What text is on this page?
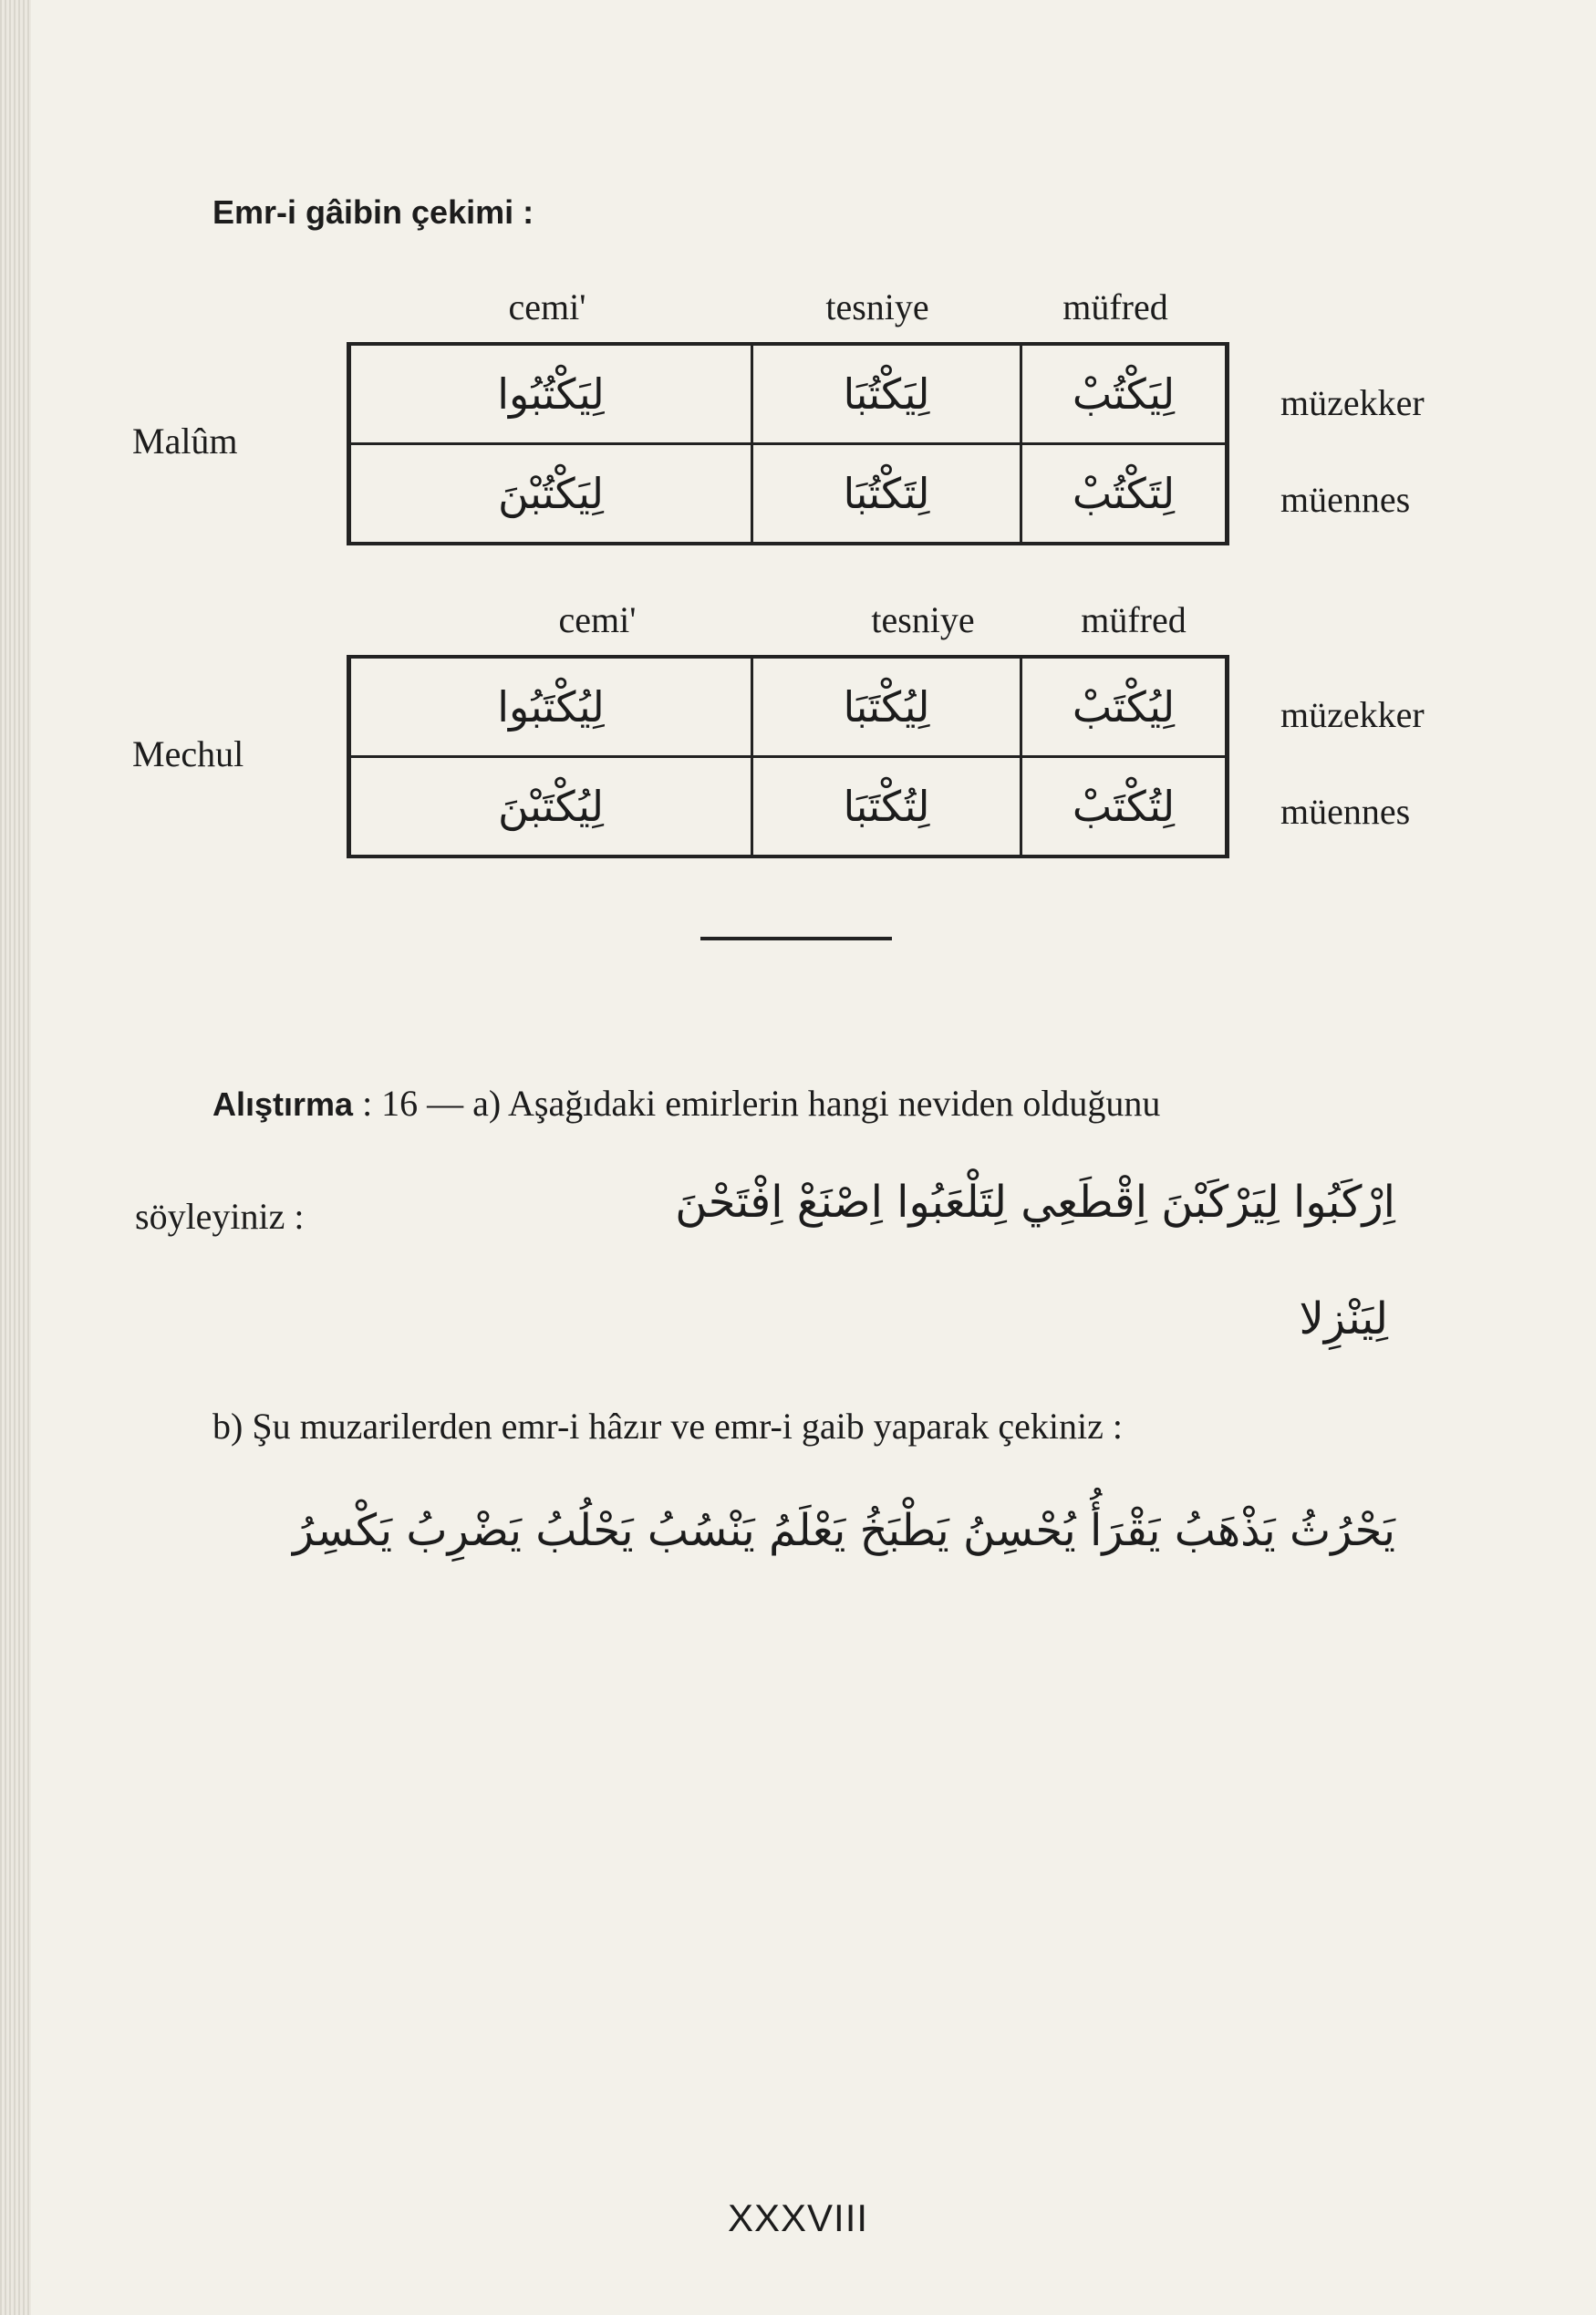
Emr-i gâibin çekimi :
cemi'	tesniye	müfred
Malûm
لِيَكْتُبُوا	لِيَكْتُبَا	لِيَكْتُبْ
لِيَكْتُبْنَ	لِتَكْتُبَا	لِتَكْتُبْ
müzekker
müennes
cemi'	tesniye	müfred
Mechul
لِيُكْتَبُوا	لِيُكْتَبَا	لِيُكْتَبْ
لِيُكْتَبْنَ	لِتُكْتَبَا	لِتُكْتَبْ
müzekker
müennes
Alıştırma : 16 — a) Aşağıdaki emirlerin hangi neviden olduğunu
söyleyiniz :	اِرْكَبُوا لِيَرْكَبْنَ اِقْطَعِي لِتَلْعَبُوا اِصْنَعْ اِفْتَحْنَ
لِيَنْزِلا
b) Şu muzarilerden emr-i hâzır ve emr-i gaib yaparak çekiniz :
يَحْرُثُ يَذْهَبُ يَقْرَأُ يُحْسِنُ يَطْبَخُ يَعْلَمُ يَنْسُبُ يَحْلُبُ يَضْرِبُ يَكْسِرُ
XXXVIII
